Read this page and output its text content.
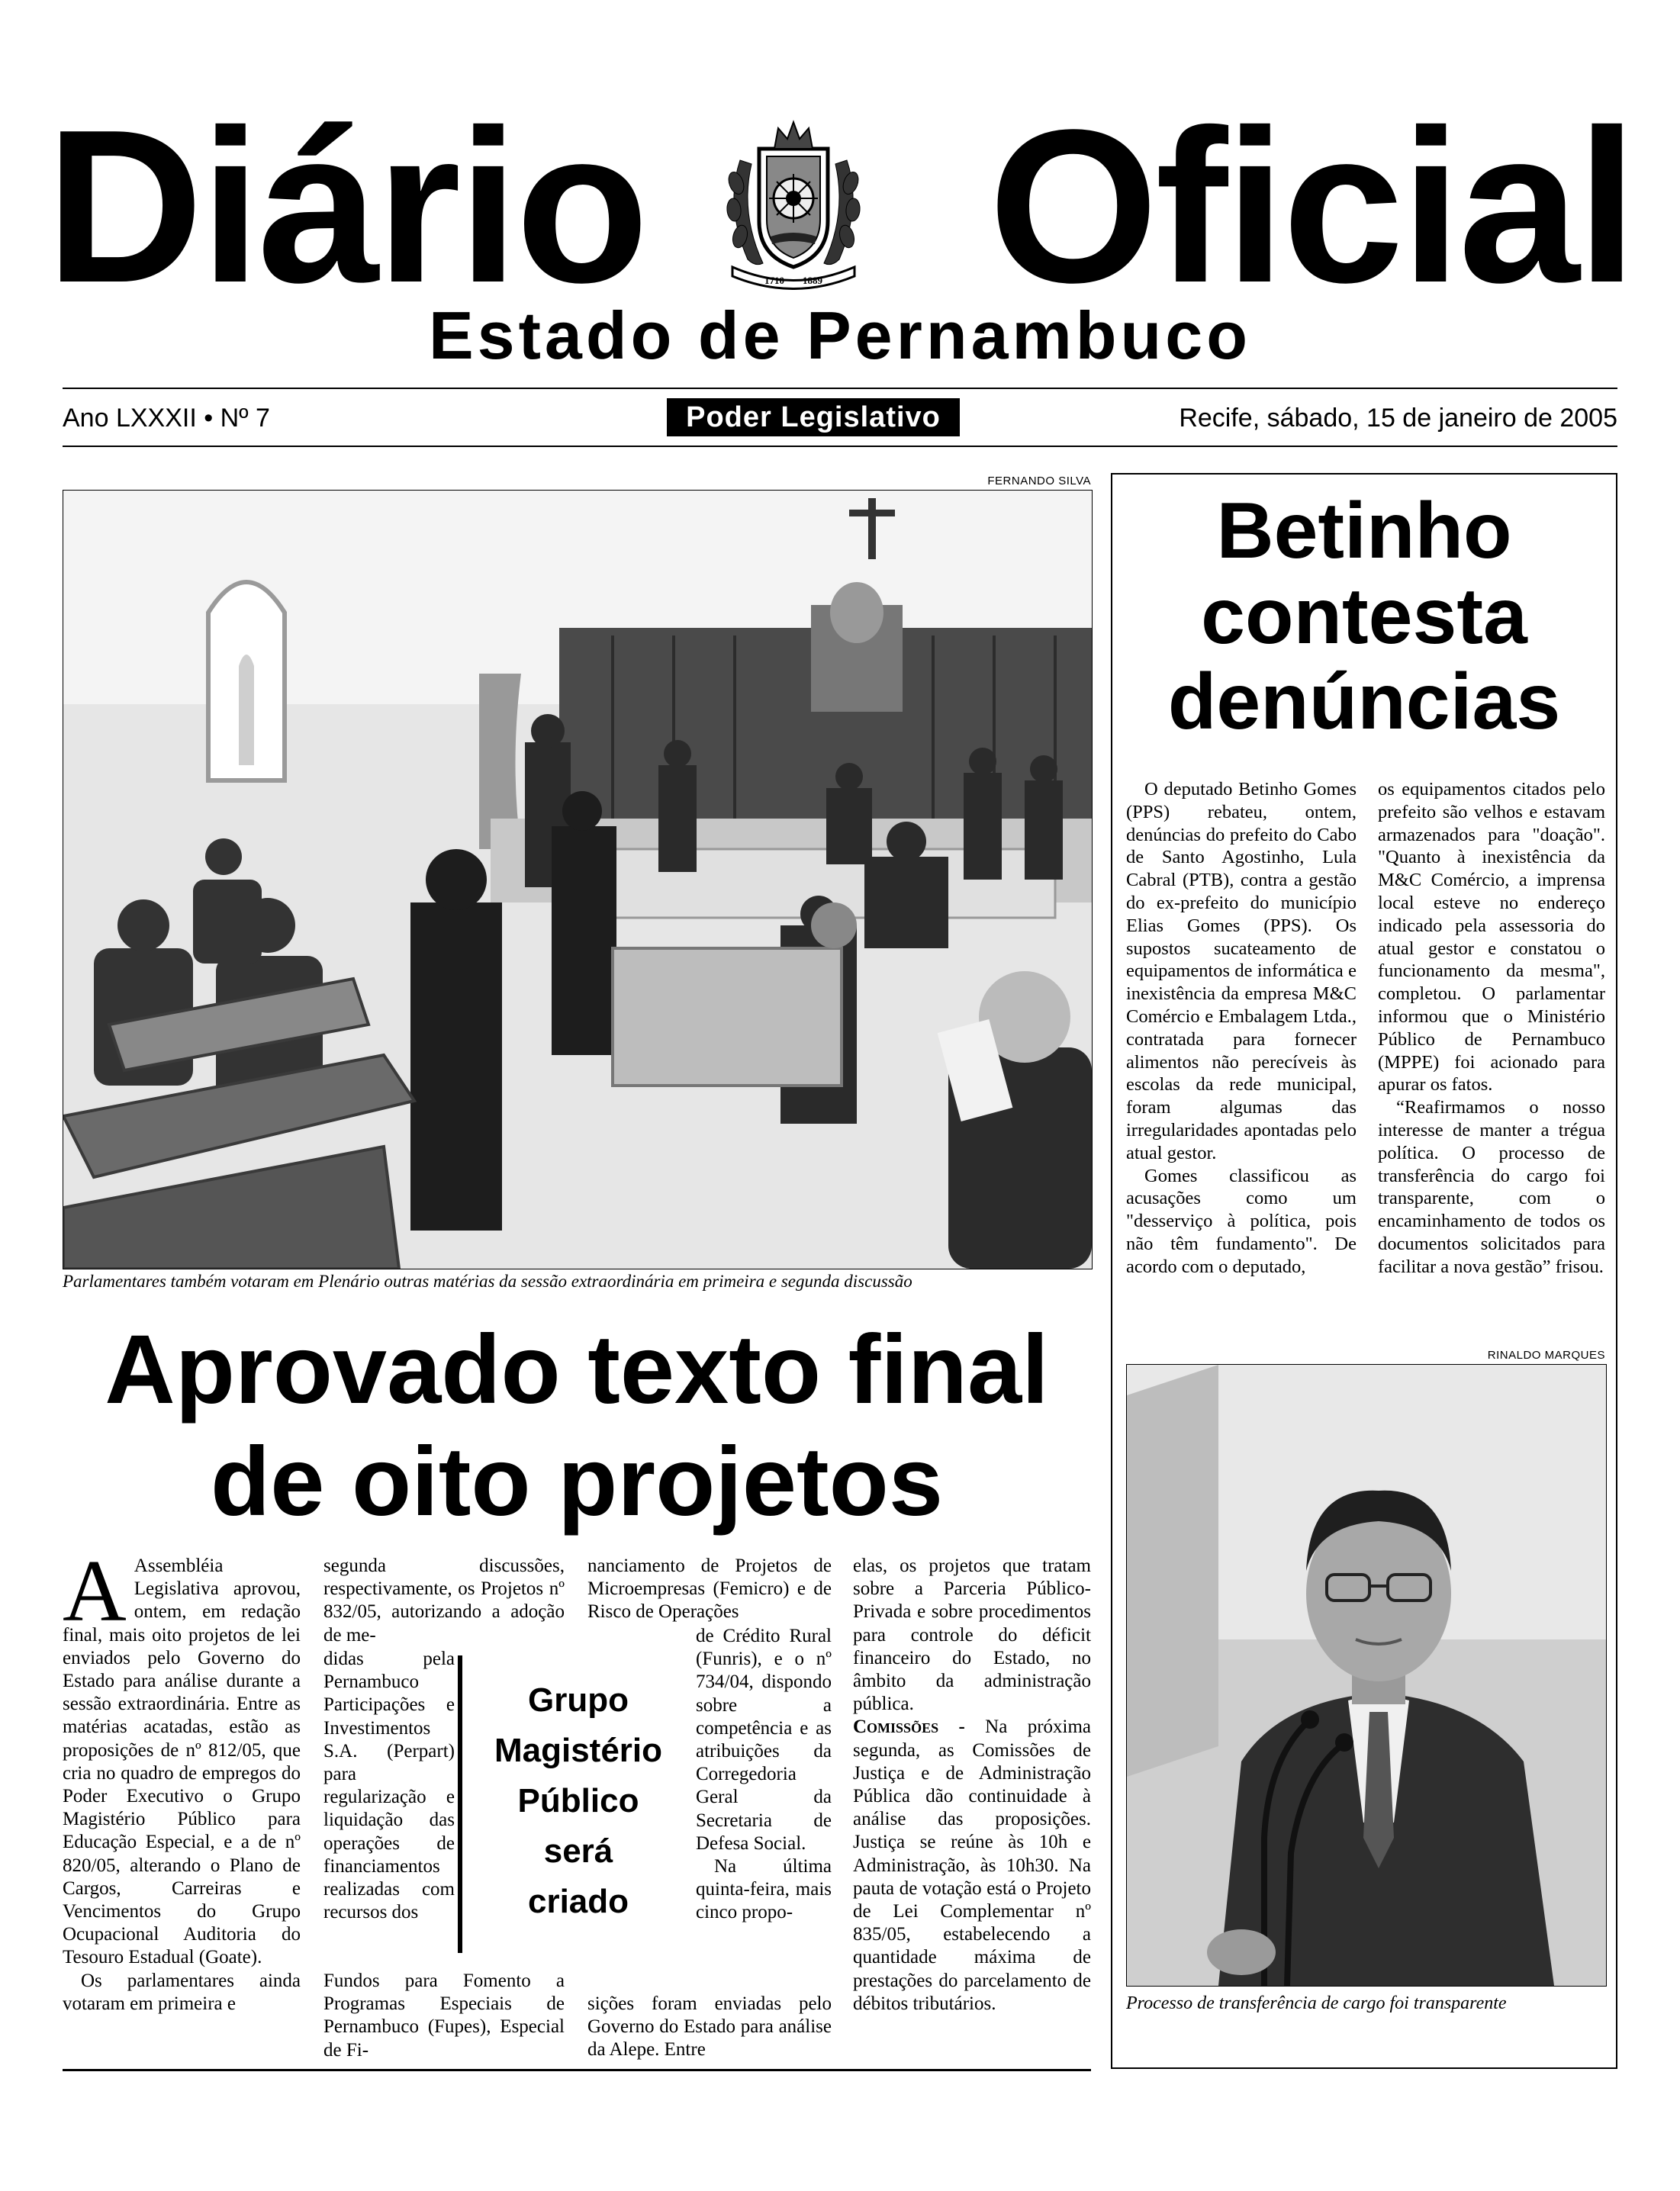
Diário Oficial
1710 1889
Estado de Pernambuco
Ano LXXXII • Nº 7	Poder Legislativo	Recife, sábado, 15 de janeiro de 2005
FERNANDO SILVA
Parlamentares também votaram em Plenário outras matérias da sessão extraordinária em primeira e segunda discussão
Aprovado texto final
de oito projetos

A Assembléia Legislativa aprovou, ontem, em redação final, mais oito projetos de lei enviados pelo Governo do Estado para análise durante a sessão extraordinária. Entre as matérias acatadas, estão as proposições de nº 812/05, que cria no quadro de empregos do Poder Executivo o Grupo Magistério Público para Educação Especial, e a de nº 820/05, alterando o Plano de Cargos, Carreiras e Vencimentos do Grupo Ocupacional Auditoria do Tesouro Estadual (Goate).

Os parlamentares ainda votaram em primeira e

segunda discussões, respectivamente, os Projetos nº 832/05, autorizando a adoção de me-
didas pela Pernambuco Participações e Investimentos S.A. (Perpart) para regularização e liquidação das operações de financiamentos realizadas com recursos dos
Fundos para Fomento a Programas Especiais de Pernambuco (Fupes), Especial de Fi-
nanciamento de Projetos de Microempresas (Femicro) e de Risco de Operações

de Crédito Rural (Funris), e o nº 734/04, dispondo sobre a competência e as atribuições da Corregedoria Geral da Secretaria de Defesa Social.

Na última quinta-feira, mais cinco propo-

sições foram enviadas pelo Governo do Estado para análise da Alepe. Entre
Grupo
Magistério
Público
será
criado

elas, os projetos que tratam sobre a Parceria Público-Privada e sobre procedimentos para controle do déficit financeiro do Estado, no âmbito da administração pública.

Comissões - Na próxima segunda, as Comissões de Justiça e de Administração Pública dão continuidade à análise das proposições. Justiça se reúne às 10h e Administração, às 10h30. Na pauta de votação está o Projeto de Lei Complementar nº 835/05, estabelecendo a quantidade máxima de prestações do parcelamento de débitos tributários.

Betinho
contesta
denúncias

O deputado Betinho Gomes (PPS) rebateu, ontem, denúncias do prefeito do Cabo de Santo Agostinho, Lula Cabral (PTB), contra a gestão do ex-prefeito do município Elias Gomes (PPS). Os supostos sucateamento de equipamentos de informática e inexistência da empresa M&C Comércio e Embalagem Ltda., contratada para fornecer alimentos não perecíveis às escolas da rede municipal, foram algumas das irregularidades apontadas pelo atual gestor.

Gomes classificou as acusações como um "desserviço à política, pois não têm fundamento". De acordo com o deputado,

os equipamentos citados pelo prefeito são velhos e estavam armazenados para "doação". "Quanto à inexistência da M&C Comércio, a imprensa local esteve no endereço indicado pela assessoria do atual gestor e constatou o funcionamento da mesma", completou. O parlamentar informou que o Ministério Público de Pernambuco (MPPE) foi acionado para apurar os fatos.

“Reafirmamos o nosso interesse de manter a trégua política. O processo de transferência do cargo foi transparente, com o encaminhamento de todos os documentos solicitados para facilitar a nova gestão” frisou.

RINALDO MARQUES
Processo de transferência de cargo foi transparente
